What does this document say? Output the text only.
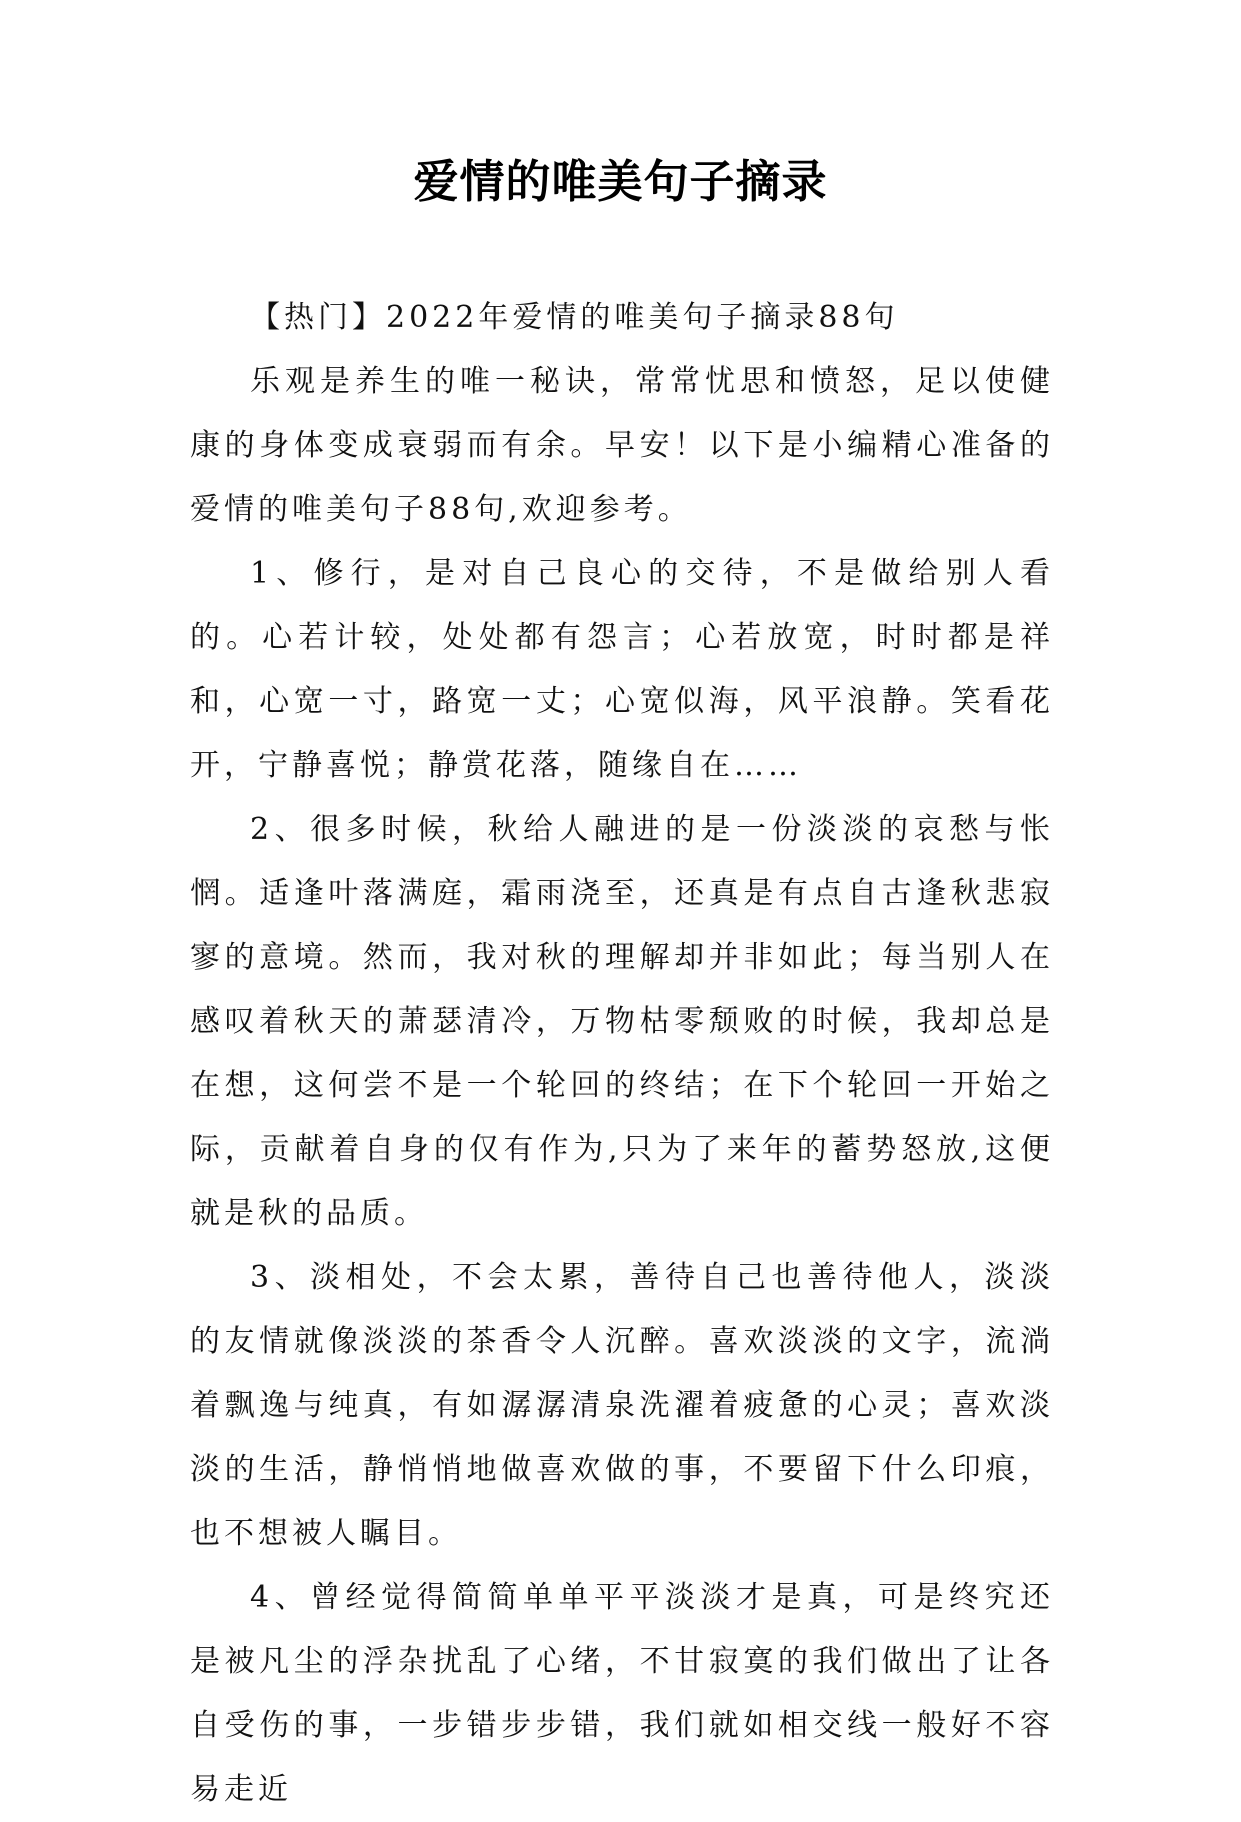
爱情的唯美句子摘录

【热门】2022年爱情的唯美句子摘录88句

乐观是养生的唯一秘诀，常常忧思和愤怒，足以使健康的身体变成衰弱而有余。早安！以下是小编精心准备的爱情的唯美句子88句,欢迎参考。

1、修行，是对自己良心的交待，不是做给别人看的。心若计较，处处都有怨言；心若放宽，时时都是祥和，心宽一寸，路宽一丈；心宽似海，风平浪静。笑看花开，宁静喜悦；静赏花落，随缘自在……

2、很多时候，秋给人融进的是一份淡淡的哀愁与怅惘。适逢叶落满庭，霜雨浇至，还真是有点自古逢秋悲寂寥的意境。然而，我对秋的理解却并非如此；每当别人在感叹着秋天的萧瑟清冷，万物枯零颓败的时候，我却总是在想，这何尝不是一个轮回的终结；在下个轮回一开始之际，贡献着自身的仅有作为,只为了来年的蓄势怒放,这便就是秋的品质。

3、淡相处，不会太累，善待自己也善待他人，淡淡的友情就像淡淡的茶香令人沉醉。喜欢淡淡的文字，流淌着飘逸与纯真，有如潺潺清泉洗濯着疲惫的心灵；喜欢淡淡的生活，静悄悄地做喜欢做的事，不要留下什么印痕，也不想被人瞩目。

4、曾经觉得简简单单平平淡淡才是真，可是终究还是被凡尘的浮杂扰乱了心绪，不甘寂寞的我们做出了让各自受伤的事，一步错步步错，我们就如相交线一般好不容易走近
